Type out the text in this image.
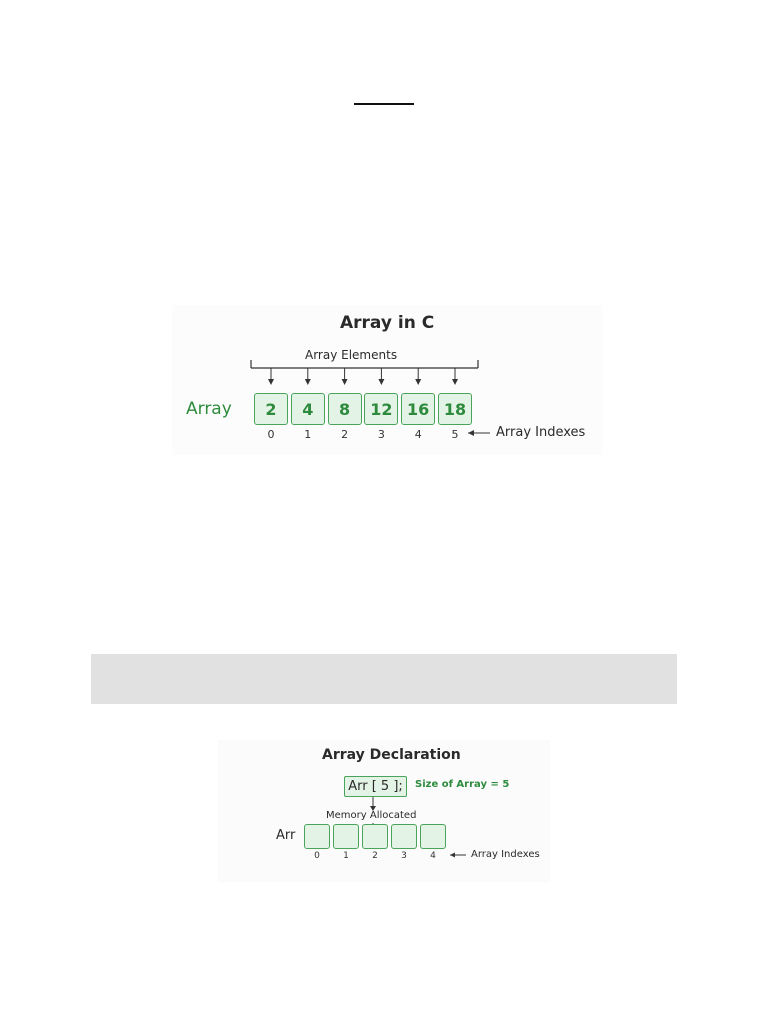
Array in C
Array Elements
Array	2	4	8	12 16 18
0	1	2	3	4	5	Array Indexes
Array Declaration
Arr [ 5 ]; Size of Array = 5
Memory Allocated
Arr
0	1	2	3	4	Array Indexes
